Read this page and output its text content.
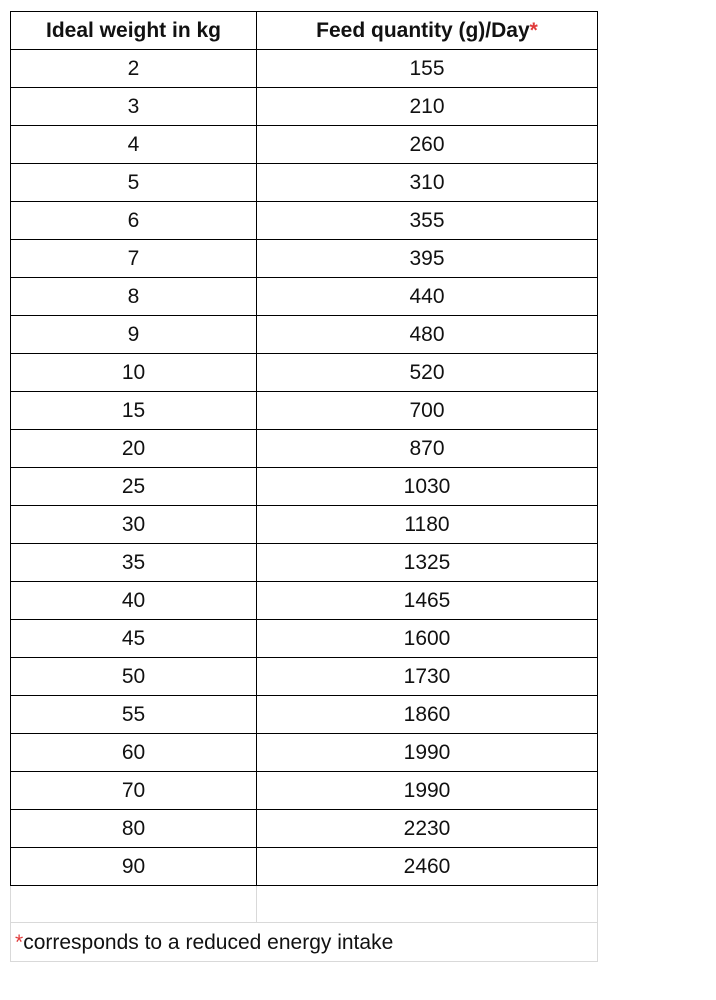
Ideal weight in kg	Feed quantity (g)/Day*
2	155
3	210
4	260
5	310
6	355
7	395
8	440
9	480
10	520
15	700
20	870
25	1030
30	1180
35	1325
40	1465
45	1600
50	1730
55	1860
60	1990
70	1990
80	2230
90	2460

*corresponds to a reduced energy intake	
